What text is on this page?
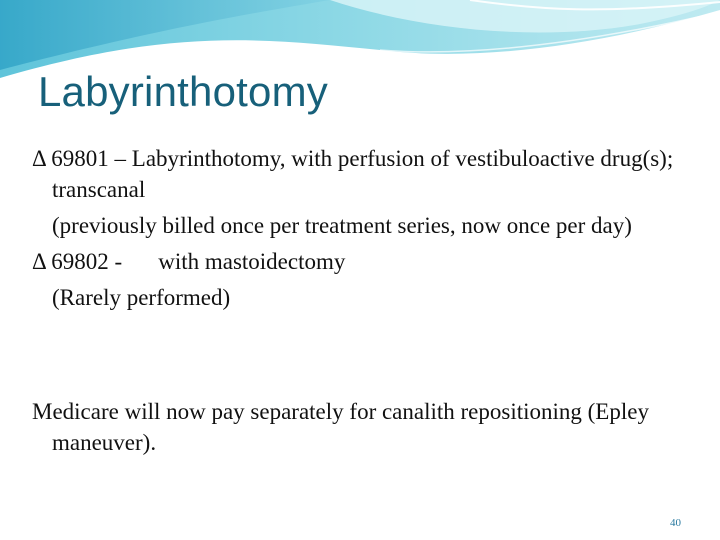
Labyrinthotomy
Δ 69801 – Labyrinthotomy, with perfusion of vestibuloactive drug(s); transcanal
(previously billed once per treatment series, now once per day)
Δ 69802 - with mastoidectomy
(Rarely performed)
Medicare will now pay separately for canalith repositioning (Epley maneuver).
40
